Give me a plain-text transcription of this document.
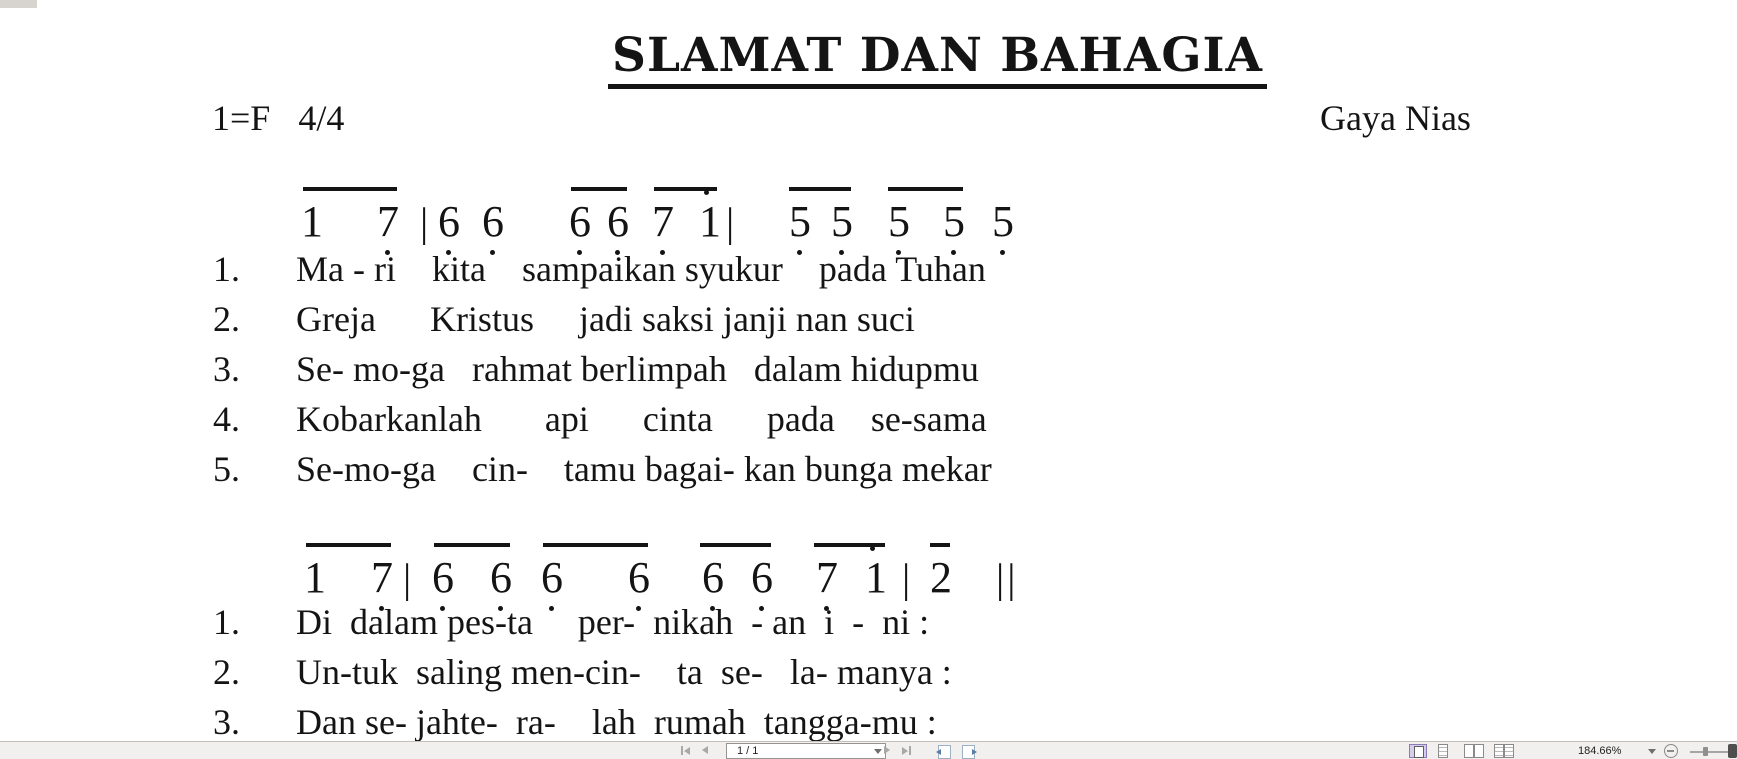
SLAMAT DAN BAHAGIA
1=F 4/4	Gaya Nias
1 7 | 6 6 6 6 7 1 | 5 5 5 5 5
1. Ma - ri    kita    sampaikan syukur    pada Tuhan
2. Greja      Kristus     jadi saksi janji nan suci
3. Se- mo-ga   rahmat berlimpah   dalam hidupmu
4. Kobarkanlah       api      cinta      pada    se-sama
5. Se-mo-ga    cin-    tamu bagai- kan bunga mekar
1 7 | 6 6 6 6 6 6 7 1 | 2 ||
1. Di  dalam pes-ta     per-  nikah  - an  i  -  ni :
2. Un-tuk  saling men-cin-    ta  se-   la- manya :
3. Dan se- jahte-  ra-    lah  rumah  tangga-mu :
1 / 1	184.66%
